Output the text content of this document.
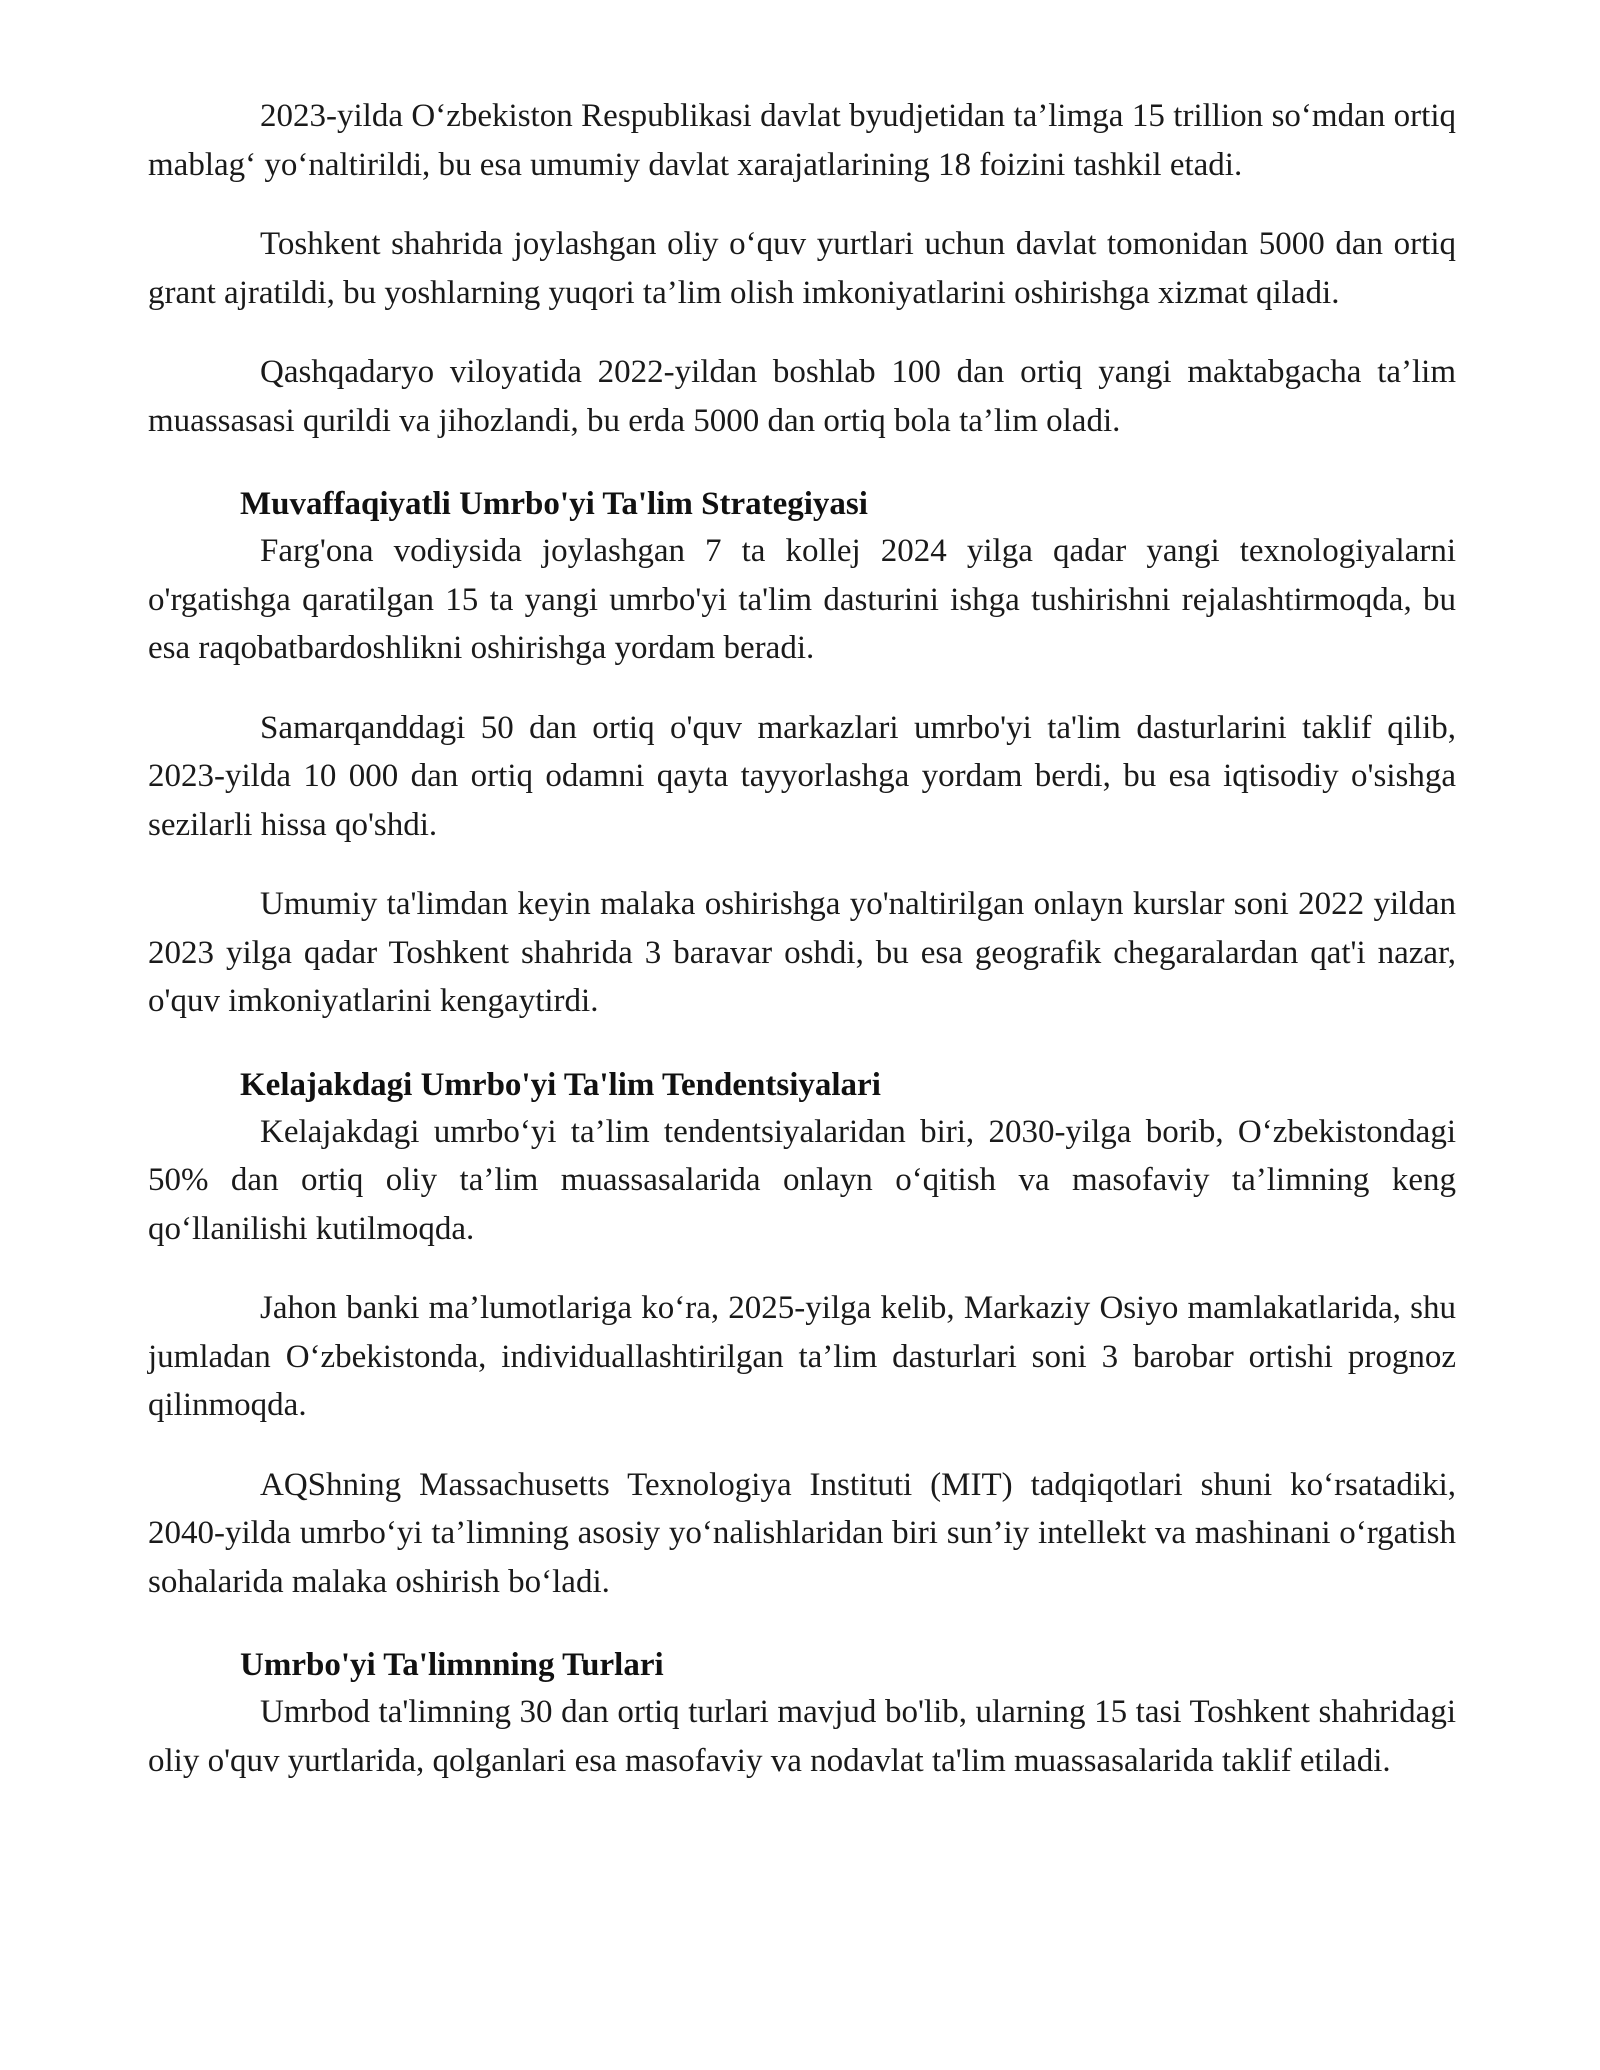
2023-yilda O‘zbekiston Respublikasi davlat byudjetidan ta’limga 15 trillion so‘mdan ortiq mablag‘ yo‘naltirildi, bu esa umumiy davlat xarajatlarining 18 foizini tashkil etadi.

Toshkent shahrida joylashgan oliy o‘quv yurtlari uchun davlat tomonidan 5000 dan ortiq grant ajratildi, bu yoshlarning yuqori ta’lim olish imkoniyatlarini oshirishga xizmat qiladi.

Qashqadaryo viloyatida 2022-yildan boshlab 100 dan ortiq yangi maktabgacha ta’lim muassasasi qurildi va jihozlandi, bu erda 5000 dan ortiq bola ta’lim oladi.

Muvaffaqiyatli Umrbo'yi Ta'lim Strategiyasi

Farg'ona vodiysida joylashgan 7 ta kollej 2024 yilga qadar yangi texnologiyalarni o'rgatishga qaratilgan 15 ta yangi umrbo'yi ta'lim dasturini ishga tushirishni rejalashtirmoqda, bu esa raqobatbardoshlikni oshirishga yordam beradi.

Samarqanddagi 50 dan ortiq o'quv markazlari umrbo'yi ta'lim dasturlarini taklif qilib, 2023-yilda 10 000 dan ortiq odamni qayta tayyorlashga yordam berdi, bu esa iqtisodiy o'sishga sezilarli hissa qo'shdi.

Umumiy ta'limdan keyin malaka oshirishga yo'naltirilgan onlayn kurslar soni 2022 yildan 2023 yilga qadar Toshkent shahrida 3 baravar oshdi, bu esa geografik chegaralardan qat'i nazar, o'quv imkoniyatlarini kengaytirdi.

Kelajakdagi Umrbo'yi Ta'lim Tendentsiyalari

Kelajakdagi umrbo‘yi ta’lim tendentsiyalaridan biri, 2030-yilga borib, O‘zbekistondagi 50% dan ortiq oliy ta’lim muassasalarida onlayn o‘qitish va masofaviy ta’limning keng qo‘llanilishi kutilmoqda.

Jahon banki ma’lumotlariga ko‘ra, 2025-yilga kelib, Markaziy Osiyo mamlakatlarida, shu jumladan O‘zbekistonda, individuallashtirilgan ta’lim dasturlari soni 3 barobar ortishi prognoz qilinmoqda.

AQShning Massachusetts Texnologiya Instituti (MIT) tadqiqotlari shuni ko‘rsatadiki, 2040-yilda umrbo‘yi ta’limning asosiy yo‘nalishlaridan biri sun’iy intellekt va mashinani o‘rgatish sohalarida malaka oshirish bo‘ladi.

Umrbo'yi Ta'limnning Turlari

Umrbod ta'limning 30 dan ortiq turlari mavjud bo'lib, ularning 15 tasi Toshkent shahridagi oliy o'quv yurtlarida, qolganlari esa masofaviy va nodavlat ta'lim muassasalarida taklif etiladi.
